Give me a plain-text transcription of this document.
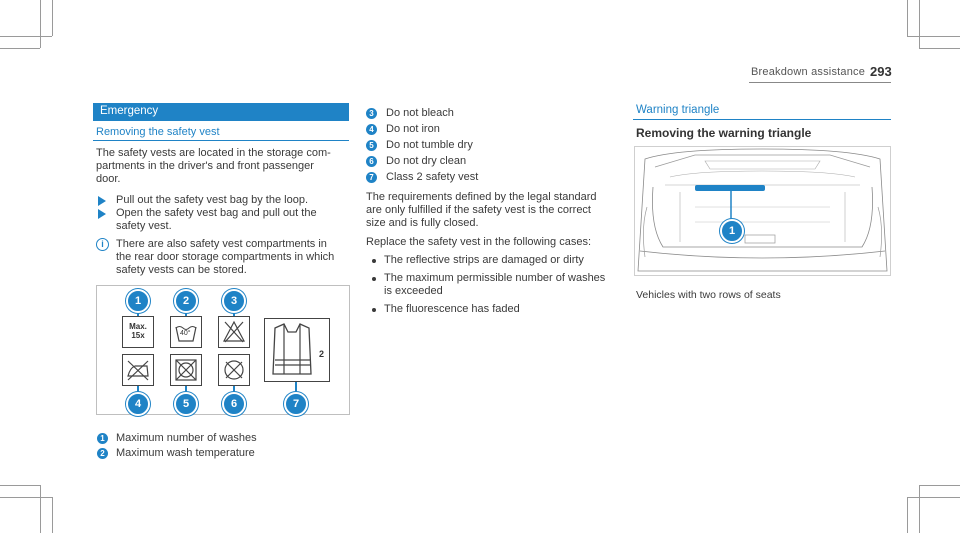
Breakdown assistance 293
Emergency
Removing the safety vest
The safety vests are located in the storage com-
partments in the driver's and front passenger
door.
Pull out the safety vest bag by the loop.
Open the safety vest bag and pull out the
safety vest.
i	There are also safety vest compartments in
the rear door storage compartments in which
safety vests can be stored.
1	2	3
4	5	6	7
Max.
15x	40°
2
1 Maximum number of washes
2 Maximum wash temperature
3 Do not bleach
4 Do not iron
5 Do not tumble dry
6 Do not dry clean
7 Class 2 safety vest
The requirements defined by the legal standard
are only fulfilled if the safety vest is the correct
size and is fully closed.
Replace the safety vest in the following cases:
The reflective strips are damaged or dirty
The maximum permissible number of washes
is exceeded
The fluorescence has faded
Warning triangle
Removing the warning triangle
1
Vehicles with two rows of seats
